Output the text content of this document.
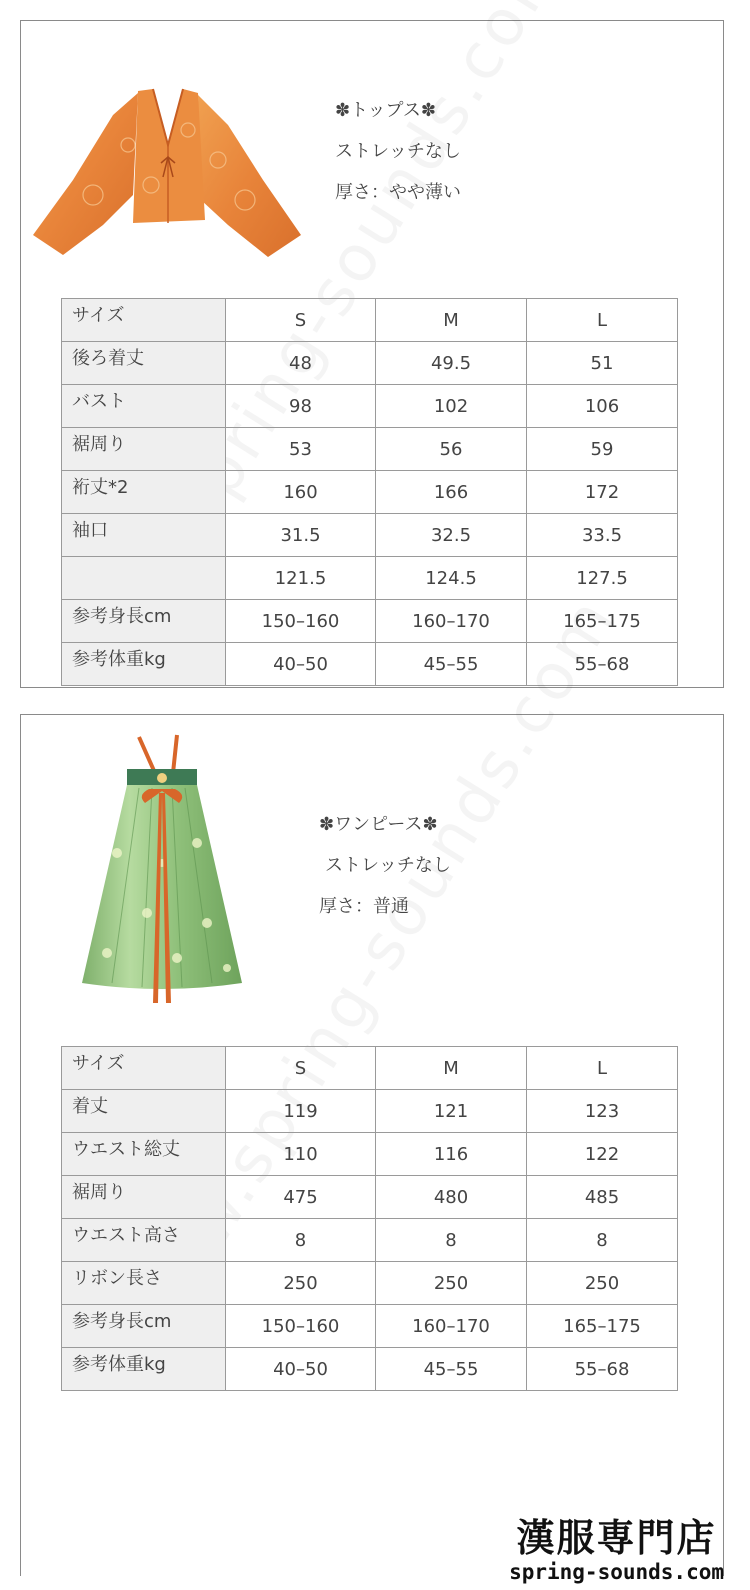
✽トップス✽
ストレッチなし
厚さ：やや薄い
サイズ	S	M	L
後ろ着丈	48	49.5	51
バスト	98	102	106
裾周り	53	56	59
裄丈*2	160	166	172
袖口	31.5	32.5	33.5
	121.5	124.5	127.5
参考身長cm	150–160	160–170	165–175
参考体重kg	40–50	45–55	55–68
✽ワンピース✽
ストレッチなし
厚さ：普通
サイズ	S	M	L
着丈	119	121	123
ウエスト総丈	110	116	122
裾周り	475	480	485
ウエスト高さ	8	8	8
リボン長さ	250	250	250
参考身長cm	150–160	160–170	165–175
参考体重kg	40–50	45–55	55–68
漢服専門店
spring-sounds.com
